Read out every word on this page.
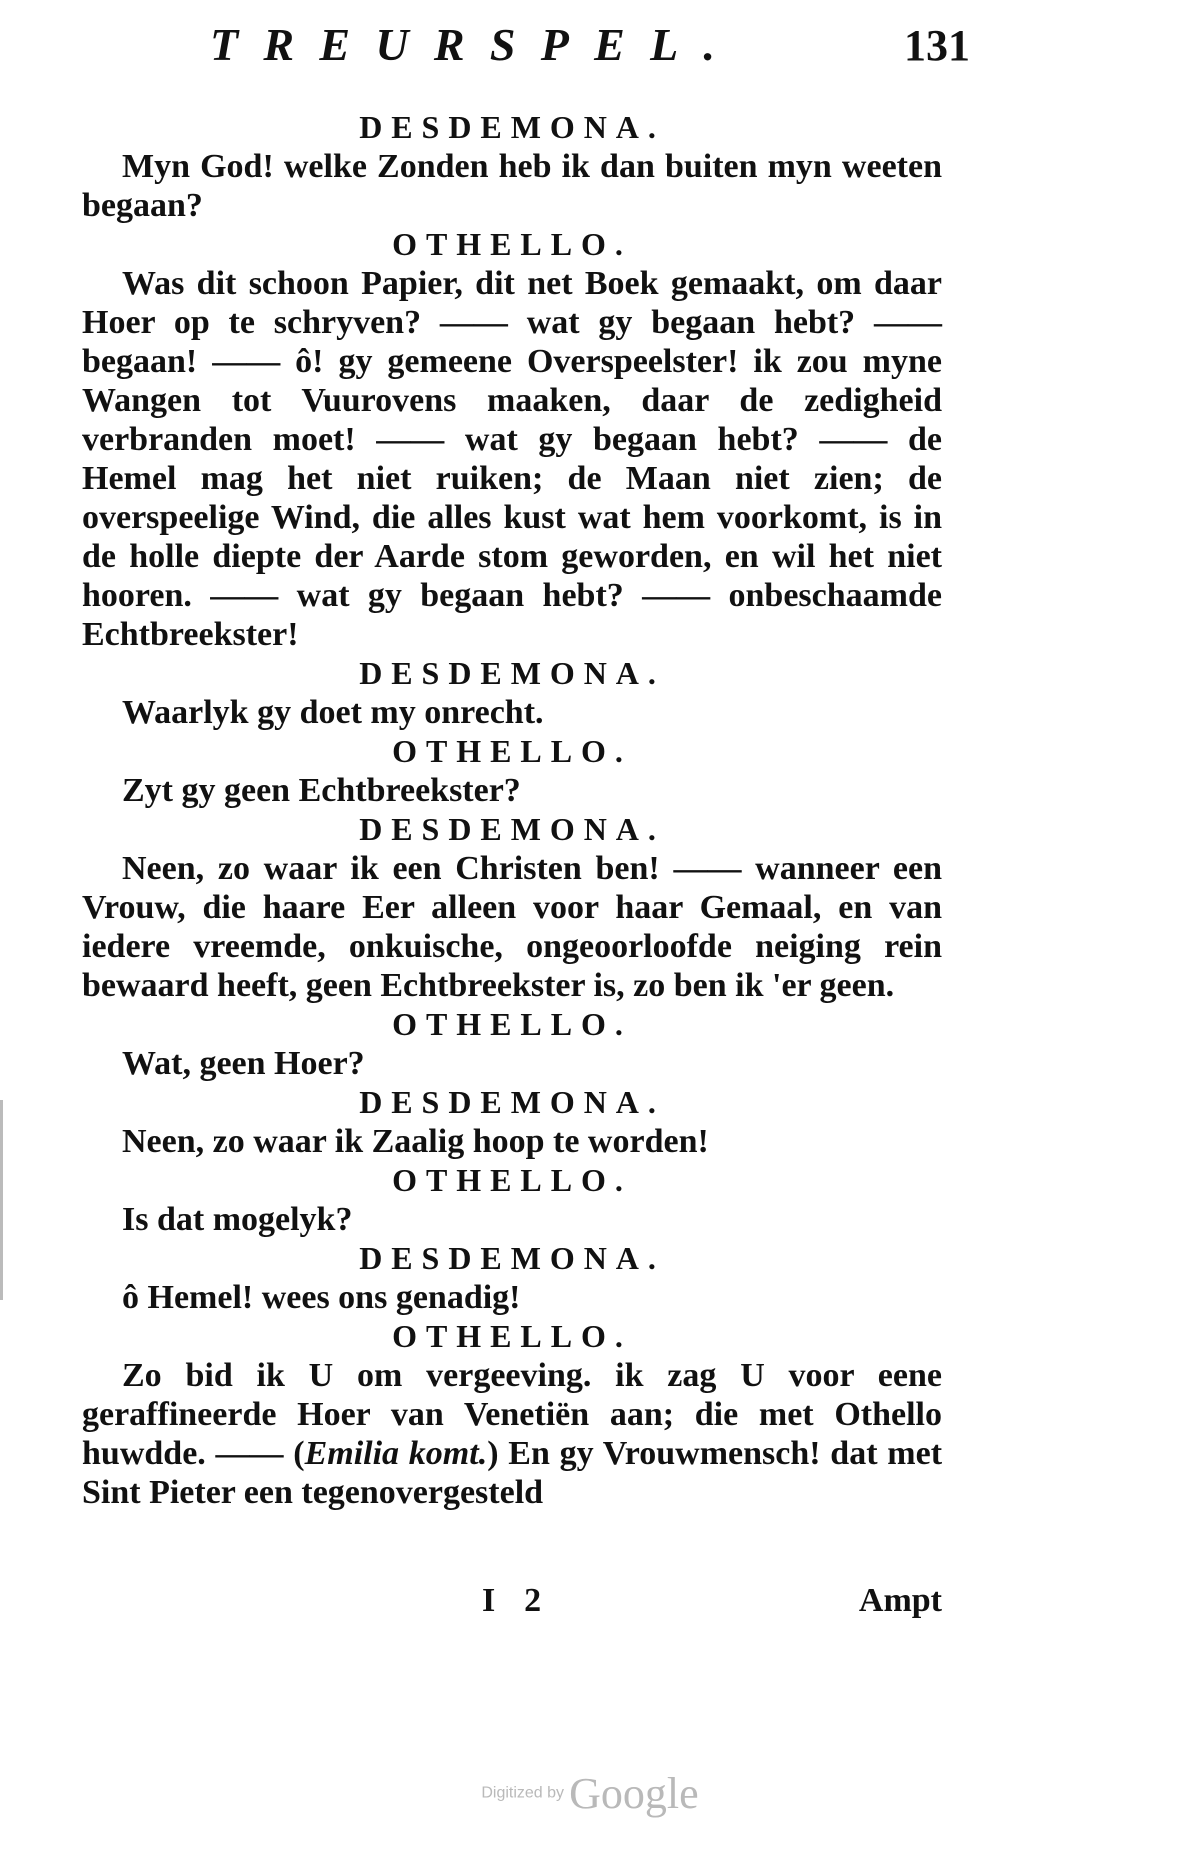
TREURSPEL.	131

DESDEMONA.

Myn God! welke Zonden heb ik dan buiten myn weeten begaan?

OTHELLO.

Was dit schoon Papier, dit net Boek gemaakt, om daar Hoer op te schryven? —— wat gy begaan hebt? —— begaan! —— ô! gy gemeene Overspeelster! ik zou myne Wangen tot Vuurovens maaken, daar de zedigheid verbranden moet! —— wat gy begaan hebt? —— de Hemel mag het niet ruiken; de Maan niet zien; de overspeelige Wind, die alles kust wat hem voorkomt, is in de holle diepte der Aarde stom geworden, en wil het niet hooren. —— wat gy begaan hebt? —— onbeschaamde Echtbreekster!

DESDEMONA.

Waarlyk gy doet my onrecht.

OTHELLO.

Zyt gy geen Echtbreekster?

DESDEMONA.

Neen, zo waar ik een Christen ben! —— wanneer een Vrouw, die haare Eer alleen voor haar Gemaal, en van iedere vreemde, onkuische, ongeoorloofde neiging rein bewaard heeft, geen Echtbreekster is, zo ben ik 'er geen.

OTHELLO.

Wat, geen Hoer?

DESDEMONA.

Neen, zo waar ik Zaalig hoop te worden!

OTHELLO.

Is dat mogelyk?

DESDEMONA.

ô Hemel! wees ons genadig!

OTHELLO.

Zo bid ik U om vergeeving. ik zag U voor eene geraffineerde Hoer van Venetiën aan; die met Othello huwdde. —— (Emilia komt.) En gy Vrouwmensch! dat met Sint Pieter een tegenovergesteld

I 2	Ampt
Digitized by Google
